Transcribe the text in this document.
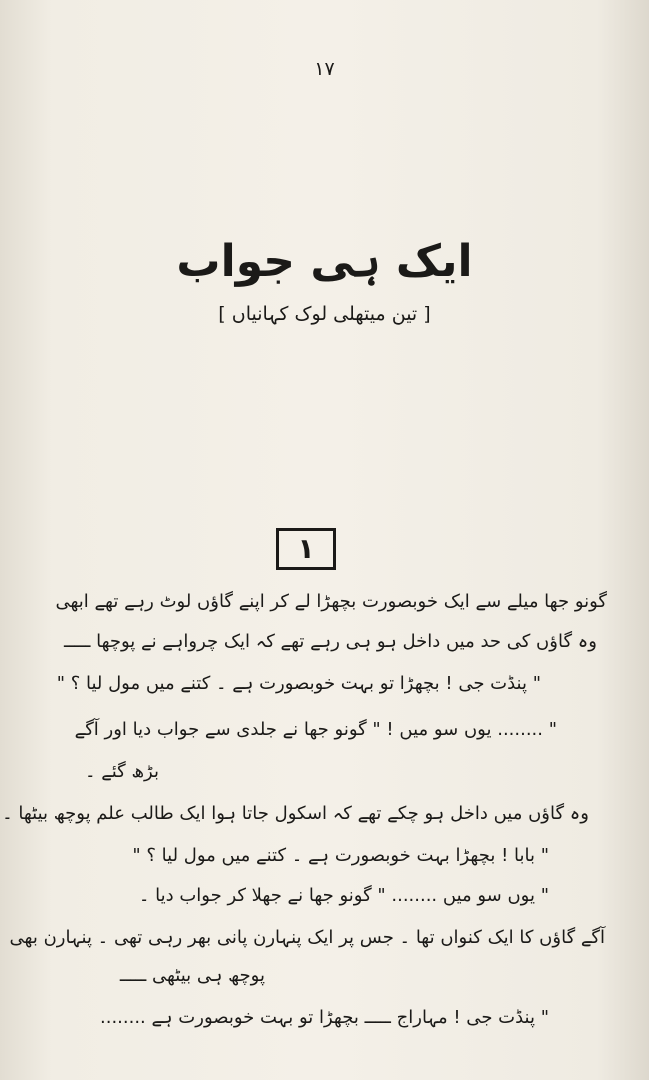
۱۷
ایک ہی جواب
[ تین میتھلی لوک کہانیاں ]
۱
گونو جھا میلے سے ایک خوبصورت بچھڑا لے کر اپنے گاؤں لوٹ رہے تھے ابھی
وہ گاؤں کی حد میں داخل ہو ہی رہے تھے کہ ایک چرواہے نے پوچھا ـــــ
" پنڈت جی ! بچھڑا تو بہت خوبصورت ہے ۔ کتنے میں مول لیا ؟ "
" ........ یوں سو میں ! " گونو جھا نے جلدی سے جواب دیا اور آگے
بڑھ گئے ۔
وہ گاؤں میں داخل ہو چکے تھے کہ اسکول جاتا ہوا ایک طالب علم پوچھ بیٹھا ۔
" بابا ! بچھڑا بہت خوبصورت ہے ۔ کتنے میں مول لیا ؟ "
" یوں سو میں ........ " گونو جھا نے جھلا کر جواب دیا ۔
آگے گاؤں کا ایک کنواں تھا ۔ جس پر ایک پنہارن پانی بھر رہی تھی ۔ پنہارن بھی
پوچھ ہی بیٹھی ـــــ
" پنڈت جی ! مہاراج ـــــ بچھڑا تو بہت خوبصورت ہے ........
